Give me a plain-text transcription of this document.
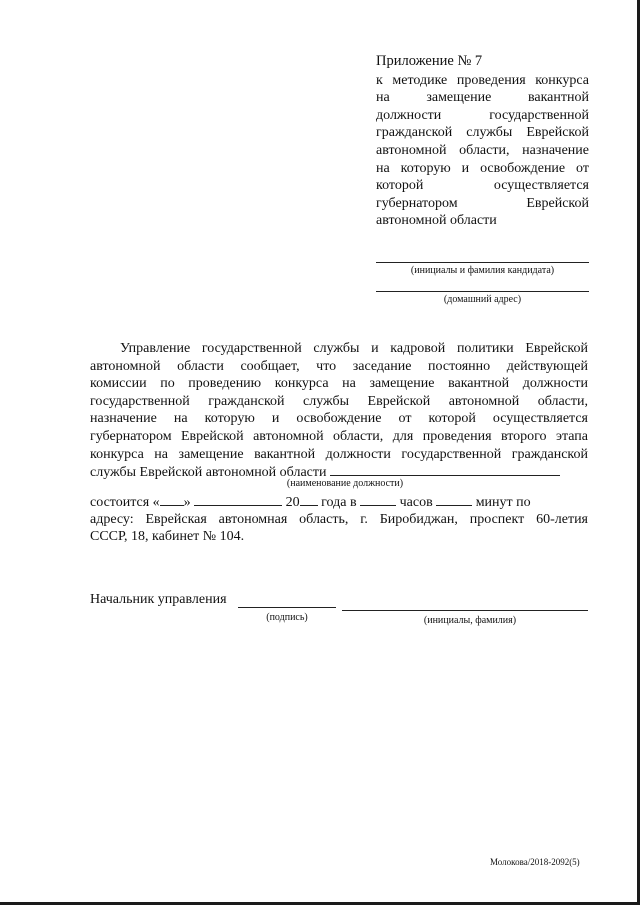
Приложение № 7
к методике проведения конкурса
на замещение вакантной
должности государственной
гражданской службы Еврейской
автономной области, назначение
на которую и освобождение от
которой осуществляется
губернатором Еврейской
автономной области
(инициалы и фамилия кандидата)
(домашний адрес)
Управление государственной службы и кадровой политики Еврейской
автономной области сообщает, что заседание постоянно действующей
комиссии по проведению конкурса на замещение вакантной должности
государственной гражданской службы Еврейской автономной области,
назначение на которую и освобождение от которой осуществляется
губернатором Еврейской автономной области, для проведения второго этапа
конкурса на замещение вакантной должности государственной гражданской
службы Еврейской автономной области
(наименование должности)
состоится « »	20 года в	часов	минут по
адресу: Еврейская автономная область, г. Биробиджан, проспект 60-летия
СССР, 18, кабинет № 104.
Начальник управления
(подпись)	(инициалы, фамилия)
Молокова/2018-2092(5)
